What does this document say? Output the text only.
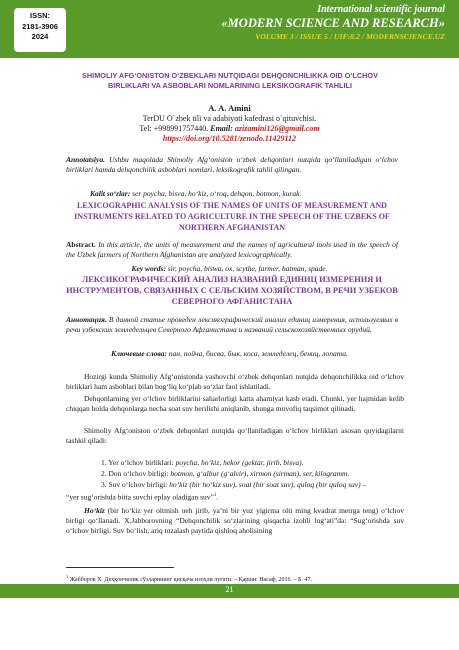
ISSN:
2181-3906
2024
International scientific journal
«MODERN SCIENCE AND RESEARCH»
VOLUME 3 / ISSUE 5 / UIF:8.2 / MODERNSCIENCE.UZ
SHIMOLIY AFG‘ONISTON O‘ZBEKLARI NUTQIDAGI DEHQONCHILIKKA OID O‘LCHOV BIRLIKLARI VA ASBOBLARI NOMLARINING LEKSIKOGRAFIK TAHLILI
A. A. Amini
TerDU O`zbek tili va adabiyoti kafedrasi o`qituvchisi.
Tel: +998991757440. Email: azizamini126@gmail.com
https://doi.org/10.5281/zenodo.11429112
Annotatsiya. Ushbu maqolada Shimoliy Afg‘oniston o‘zbek dehqonlari nutqida qo‘llaniladigan o‘lchov birliklari hamda dehqonchilik asboblari nomlari, leksikografik tahlil qilingan.
Kalit so‘zlar: ser poycha, bisva, ho‘kiz, o‘roq, dehqon, botmon, kurak.
LEXICOGRAPHIC ANALYSIS OF THE NAMES OF UNITS OF MEASUREMENT AND INSTRUMENTS RELATED TO AGRICULTURE IN THE SPEECH OF THE UZBEKS OF NORTHERN AFGHANISTAN
Abstract. In this article, the units of measurement and the names of agricultural tools used in the speech of the Uzbek farmers of Northern Afghanistan are analyzed lexicographically.
Key words: sir, poycha, biswa, ox, scythe, farmer, batman, spade.
ЛЕКСИКОГРАФИЧЕСКИЙ АНАЛИЗ НАЗВАНИЙ ЕДИНИЦ ИЗМЕРЕНИЯ И ИНСТРУМЕНТОВ, СВЯЗАННЫХ С СЕЛЬСКИМ ХОЗЯЙСТВОМ, В РЕЧИ УЗБЕКОВ СЕВЕРНОГО АФГАНИСТАНА
Аннотация. В данной статье проведен лексикографический анализ единиц измерения, используемых в речи узбекских земледельцев Северного Афганистана и названий сельскохозяйственных орудий.
Ключевые слова: пан, пойча, бисва, бык, коса, земледелец, бениц, лопата.
Hozirgi kunda Shimoliy Afg‘onistonda yashovchi o‘zbek dehqonlari nutqida dehqonchilikka oid o‘lchov birliklari ham asboblari bilan bog‘liq ko‘plab so‘zlar faol ishlatiladi.
Dehqonlarning yer o‘lchov birliklarini saharlorligi katta ahamiyat kasb etadi. Chunki, yer hajmidan kelib chiqqan holda dehqonlarga necha soat suv berilishi aniqlanib, shunga muvofiq taqsimot qilinadi.
Shimoliy Afg‘oniston o‘zbek dehqonlari nutqida qo‘llaniladigan o‘lchov birliklari asosan quyidagilarni tashkil qiladi:
1. Yer o‘lchov birliklari: poycha, ho‘kiz, hekor (gektar, jirib, bisva).
2. Don o‘lchov birligi: botmon, g‘albur (g‘alvir), xirmon (sirman), ser, kilogramm.
3. Suv o‘lchov birligi: ho‘kiz (bir ho‘kiz suv), soat (bir soat suv), quloq (bir quloq suv) –
“yer sug‘orishda bitta suvchi eplay oladigan suv”$^1$.
Ho‘kiz (bir ho‘kiz yer oltmish ueh jirib, ya’ni bir yuz yigirma olti ming kvadrat metrga teng) o‘lchov birligi qo‘llanadi. X.Jabborovning “Dehqonchilik so‘zlarining qisqacha izohli lug‘ati”da: “Sug‘orishda suv o‘lchov birligi. Suv bo‘lish, ariq tozalash paytida qishloq aholisining
$^1$ Жабборов Х. Деҳқончилик сўзларининг қисқача изоҳли луғати. – Қарши: Насаф, 2016. – Б. 47.
21
